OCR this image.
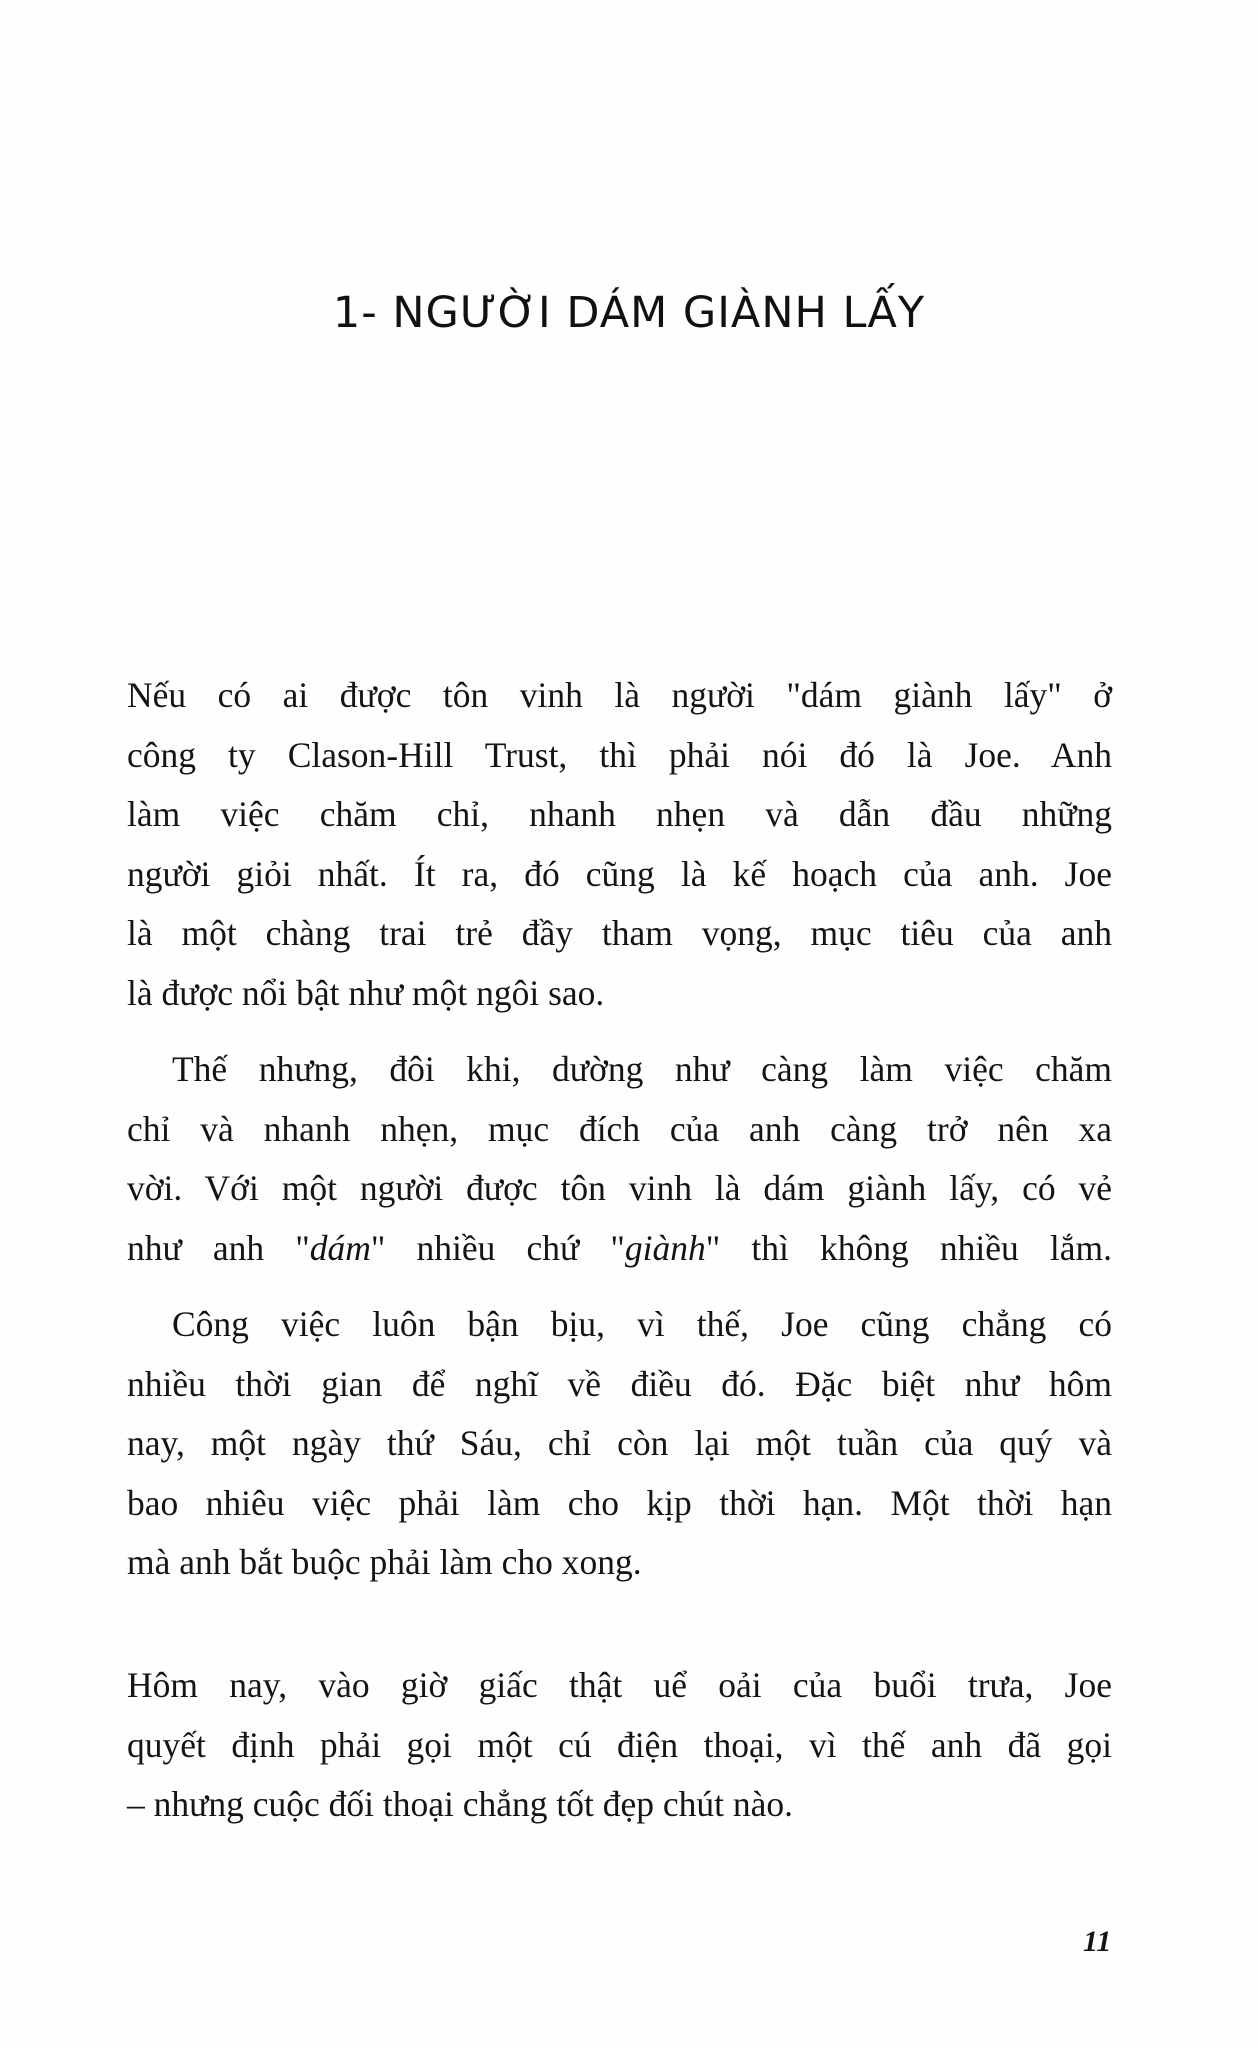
1- NGƯỜI DÁM GIÀNH LẤY

Nếu có ai được tôn vinh là người "dám giành lấy" ở
công ty Clason-Hill Trust, thì phải nói đó là Joe. Anh
làm việc chăm chỉ, nhanh nhẹn và dẫn đầu những
người giỏi nhất. Ít ra, đó cũng là kế hoạch của anh. Joe
là một chàng trai trẻ đầy tham vọng, mục tiêu của anh
là được nổi bật như một ngôi sao.

Thế nhưng, đôi khi, dường như càng làm việc chăm
chỉ và nhanh nhẹn, mục đích của anh càng trở nên xa
vời. Với một người được tôn vinh là dám giành lấy, có vẻ
như anh "dám" nhiều chứ "giành" thì không nhiều lắm.

Công việc luôn bận bịu, vì thế, Joe cũng chẳng có
nhiều thời gian để nghĩ về điều đó. Đặc biệt như hôm
nay, một ngày thứ Sáu, chỉ còn lại một tuần của quý và
bao nhiêu việc phải làm cho kịp thời hạn. Một thời hạn
mà anh bắt buộc phải làm cho xong.

Hôm nay, vào giờ giấc thật uể oải của buổi trưa, Joe
quyết định phải gọi một cú điện thoại, vì thế anh đã gọi
– nhưng cuộc đối thoại chẳng tốt đẹp chút nào.

11
